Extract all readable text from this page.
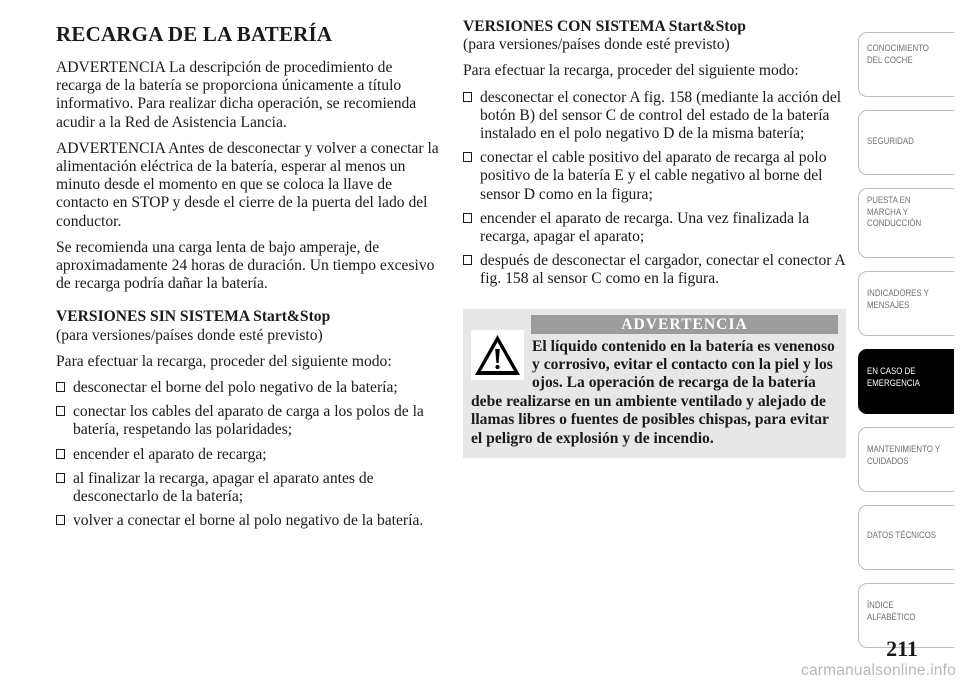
RECARGA DE LA BATERÍA

ADVERTENCIA La descripción de procedimiento de recarga de la batería se proporciona únicamente a título informativo. Para realizar dicha operación, se recomienda acudir a la Red de Asistencia Lancia.

ADVERTENCIA Antes de desconectar y volver a conectar la alimentación eléctrica de la batería, esperar al menos un minuto desde el momento en que se coloca la llave de contacto en STOP y desde el cierre de la puerta del lado del conductor.

Se recomienda una carga lenta de bajo amperaje, de aproximadamente 24 horas de duración. Un tiempo excesivo de recarga podría dañar la batería.

VERSIONES SIN SISTEMA Start&Stop
(para versiones/países donde esté previsto)

Para efectuar la recarga, proceder del siguiente modo:

desconectar el borne del polo negativo de la batería;
conectar los cables del aparato de carga a los polos de la batería, respetando las polaridades;
encender el aparato de recarga;
al finalizar la recarga, apagar el aparato antes de desconectarlo de la batería;
volver a conectar el borne al polo negativo de la batería.
VERSIONES CON SISTEMA Start&Stop
(para versiones/países donde esté previsto)

Para efectuar la recarga, proceder del siguiente modo:

desconectar el conector A fig. 158 (mediante la acción del botón B) del sensor C de control del estado de la batería instalado en el polo negativo D de la misma batería;
conectar el cable positivo del aparato de recarga al polo positivo de la batería E y el cable negativo al borne del sensor D como en la figura;
encender el aparato de recarga. Una vez finalizada la recarga, apagar el aparato;
después de desconectar el cargador, conectar el conector A fig. 158 al sensor C como en la figura.
ADVERTENCIA
El líquido contenido en la batería es venenoso y corrosivo, evitar el contacto con la piel y los ojos. La operación de recarga de la batería debe realizarse en un ambiente ventilado y alejado de llamas libres o fuentes de posibles chispas, para evitar el peligro de explosión y de incendio.
CONOCIMIENTO
DEL COCHE
SEGURIDAD
PUESTA EN
MARCHA Y
CONDUCCIÓN
INDICADORES Y
MENSAJES
EN CASO DE
EMERGENCIA
MANTENIMIENTO Y
CUIDADOS
DATOS TÉCNICOS
ÍNDICE
ALFABÉTICO
211
carmanualsonline.info
